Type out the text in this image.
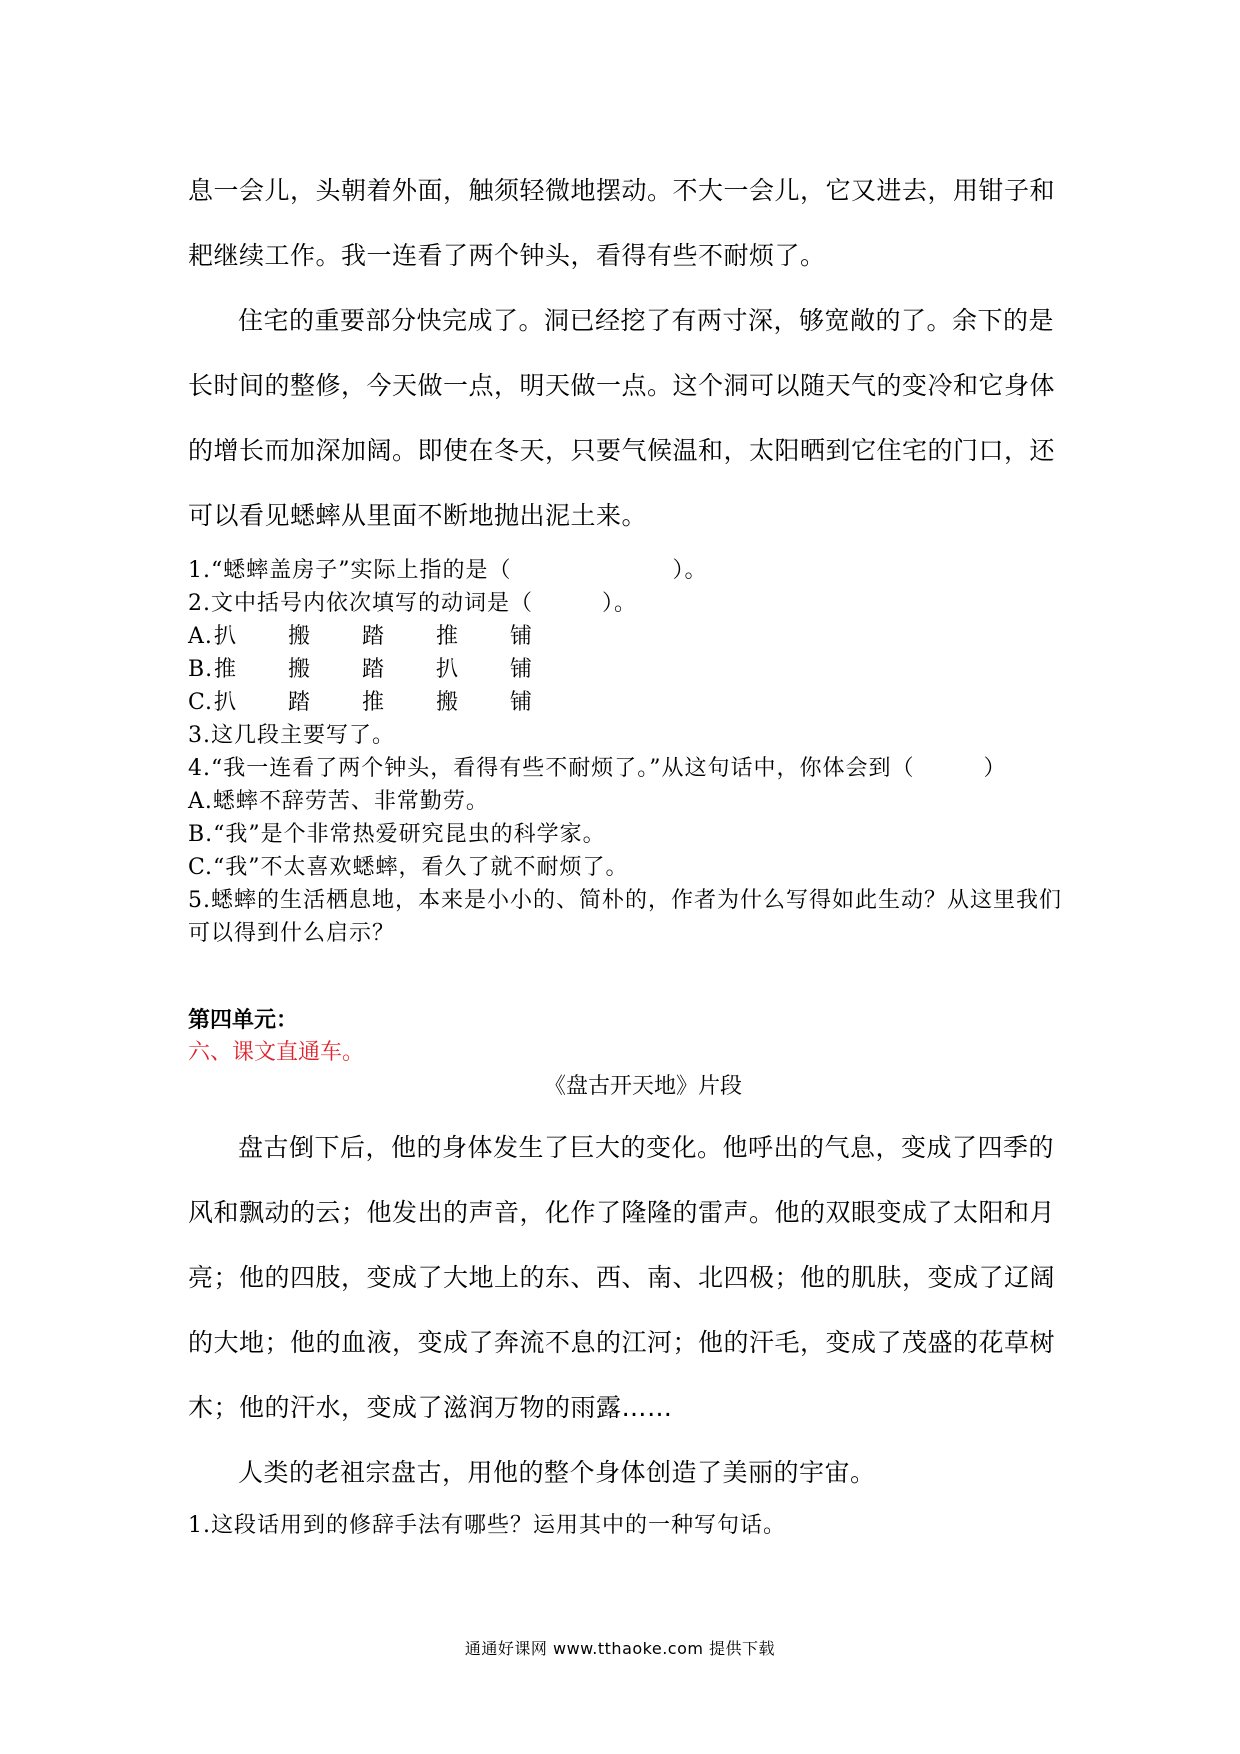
息一会儿，头朝着外面，触须轻微地摆动。不大一会儿，它又进去，用钳子和耙继续工作。我一连看了两个钟头，看得有些不耐烦了。

住宅的重要部分快完成了。洞已经挖了有两寸深，够宽敞的了。余下的是长时间的整修，今天做一点，明天做一点。这个洞可以随天气的变冷和它身体的增长而加深加阔。即使在冬天，只要气候温和，太阳晒到它住宅的门口，还可以看见蟋蟀从里面不断地抛出泥土来。

1.“蟋蟀盖房子”实际上指的是（　　　　　　　）。

2.文中括号内依次填写的动词是（　　　）。

A. 扒	搬	踏	推	铺
B. 推	搬	踏	扒	铺
C. 扒	踏	推	搬	铺

3.这几段主要写了。

4.“我一连看了两个钟头，看得有些不耐烦了。”从这句话中，你体会到（　　　）

A.蟋蟀不辞劳苦、非常勤劳。

B.“我”是个非常热爱研究昆虫的科学家。

C.“我”不太喜欢蟋蟀，看久了就不耐烦了。

5.蟋蟀的生活栖息地，本来是小小的、简朴的，作者为什么写得如此生动？从这里我们可以得到什么启示？

第四单元：

六、课文直通车。

《盘古开天地》片段

盘古倒下后，他的身体发生了巨大的变化。他呼出的气息，变成了四季的风和飘动的云；他发出的声音，化作了隆隆的雷声。他的双眼变成了太阳和月亮；他的四肢，变成了大地上的东、西、南、北四极；他的肌肤，变成了辽阔的大地；他的血液，变成了奔流不息的江河；他的汗毛，变成了茂盛的花草树木；他的汗水，变成了滋润万物的雨露……

人类的老祖宗盘古，用他的整个身体创造了美丽的宇宙。

1.这段话用到的修辞手法有哪些？运用其中的一种写句话。

通通好课网 www.tthaoke.com 提供下载
